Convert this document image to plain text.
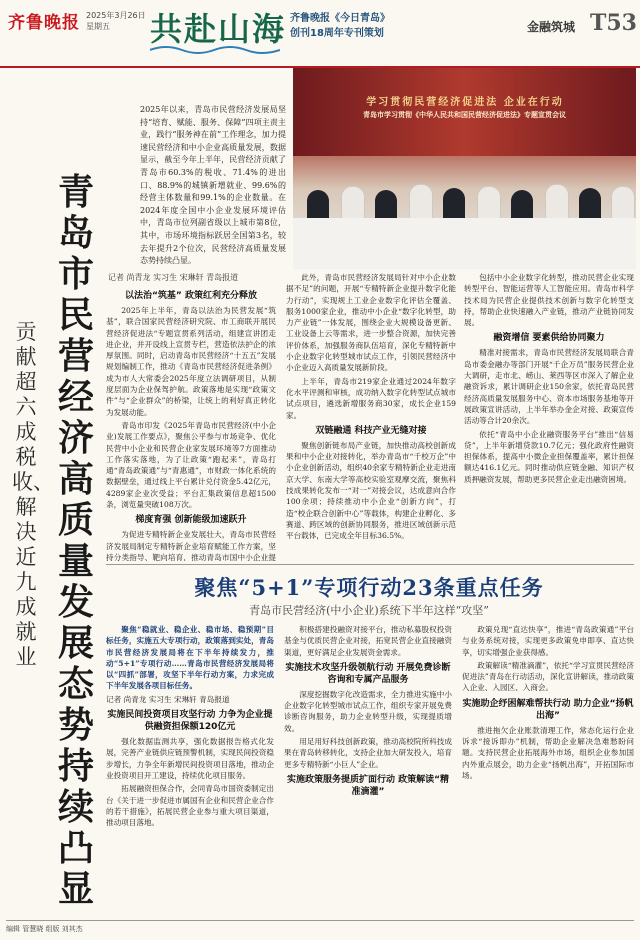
齐鲁晚报 2025年3月26日
星期五	共赴山海 齐鲁晚报《今日青岛》
创刊18周年专刊策划	金融筑城 T53
青岛市民营经济高质量发展态势持续凸显
贡献超六成税收、解决近九成就业
2025年以来，青岛市民营经济发展局坚持“培育、赋能、服务、保障”四项主责主业，践行“服务神在前”工作理念，加力提速民营经济和中小企业高质量发展，数据显示，截至今年上半年，民营经济贡献了青岛市60.3%的税收、71.4%的进出口、88.9%的城镇新增就业、99.6%的经营主体数量和99.1%的企业数量。在2024年度全国中小企业发展环境评估中，青岛市位列副省级以上城市第8位，其中，市场环境指标跃居全国第3名，较去年提升2个位次，民营经济高质量发展态势持续凸显。
学习贯彻民营经济促进法 企业在行动
青岛市学习贯彻《中华人民共和国民营经济促进法》专题宣贯会议
记者 尚青龙 实习生 宋琳轩 青岛报道
以法治“筑基” 政策红利充分释放

2025年上半年，青岛以法治为民营发展“筑基”，联合国家民营经济研究院、市工商联开展民营经济促进法“专题宣贯系列活动，组建宣讲团走进企业，并开设线上宣贯专栏，营造依法护企的浓厚氛围。同时，启动青岛市民营经济“十五五”发展规划编制工作，推动《青岛市民营经济促进条例》成为市人大常委会2025年度立法调研项目，从制度层面为企业保驾护航。政策落地是实现“政策文件”与“企业群众”的桥梁，让统上的利好真正转化为发展动能。

青岛市印发《2025年青岛市民营经济(中小企业)发展工作要点》，聚焦公平参与市场竞争、优化民营中小企业和民营企业家发展环境等7方面推动工作落实落地，为了让政策“跑起来”，青岛打通“青岛政策通”与“青惠通”，市财政一体化系统的数据壁垒，通过线上平台累计兑付资金5.42亿元，4289家企业次受益；平台汇集政策信息超1500条，浏览量突破108万次。

梯度育强 创新能级加速跃升

为促进专精特新企业发展壮大，青岛市民营经济发展局制定专精特新企业培育赋能工作方案，坚持分类指导、靶向培育，推动青岛市国中小企业提

此外，青岛市民营经济发展局针对中小企业数据不足”的问题，开展“专精特新企业提升数字化能力行动”，实现规上工业企业数字化评估全覆盖、服务1000家企业，推动中小企业“数字化转型，助力产业链”一体发展，围绕企业大规模设备更新、工业设备上云等需求，进一步整合资源，加快完善评价体系，加强服务商队伍培育，深化专精特新中小企业数字化转型城市试点工作，引领民营经济中小企业迈入高质量发展新阶段。

上半年，青岛市219家企业通过2024年数字化水平评测和审核，成功纳入数字化转型试点城市试点项目，遴选新增服务商30家，成长企业159家。

双链融通 科技产业无缝对接

聚焦创新链布局产业链，加快推动高校创新成果和中小企业对接转化，举办青岛市“千校万企”中小企业创新活动，组织40余家专精特新企业走进南京大学、东南大学等高校实验室观摩交流，聚焦科技成果转化发布一“对一”对接会议，达成意向合作100余项；持续推动中小企业“创新方向”，打造“校企联合创新中心”等载体，构建企业孵化、多赛道、跨区域的创新协同服务，推进区域创新示范平台载体，已完成全年目标36.5%。

包括中小企业数字化转型，推动民营企业实现转型平台、智能运营等人工智能应用。青岛市科学技术局为民营企业提供技术创新与数字化转型支持，帮助企业快速融入产业链，推动产业链协同发展。

融资增信 要素供给协同聚力

精准对接需求，青岛市民营经济发展局联合青岛市委金融办等部门开展“千企万员”服务民营企业大调研，走市北、崂山、莱西等区市深入了解企业融资诉求，累计调研企业150余家，依托青岛民营经济高质量发展服务中心、资本市场服务基地等开展政策宣讲活动，上半年举办金企对接、政策宣传活动等合计20余次。

依托“青岛中小企业融资服务平台”推出“信易贷”，上半年新增贷款10.7亿元；强化政府性融资担保体系，提高中小微企业担保覆盖率，累计担保额达416.1亿元。同时推动供应链金融、知识产权质押融资发展，帮助更多民营企业走出融资困境。

聚焦“5+1”专项行动23条重点任务
青岛市民营经济(中小企业)系统下半年这样“攻坚”

聚焦“稳就业、稳企业、稳市场、稳预期”目标任务，实施五大专项行动，政策落到实处，青岛市民营经济发展局将在下半年持续发力，推动“5+1”专项行动……青岛市民营经济发展局将以“四抓”部署，攻坚下半年行动方案，力求完成下半年发展各项目标任务。

记者 尚青龙 实习生 宋琳轩 青岛报道

实施民间投资项目攻坚行动 力争为企业提供融资担保额120亿元

强化数据监测共享，强化数据报告格式化发展，完善产业链供应链预警机制，实现民间投资稳步增长，力争全年新增民间投资项目落地，推动企业投资项目开工建设，持续优化项目服务。

拓展融资担保合作，会同青岛市国资委制定出台《关于进一步促进市属国有企业和民营企业合作的若干措施》，拓展民营企业参与重大项目渠道，推动项目落地。

积极搭建投融资对接平台，推动私募股权投资基金与优质民营企业对接，拓宽民营企业直接融资渠道，更好满足企业发展资金需求。

实施技术攻坚升级领航行动 开展免费诊断咨询和专属产品服务

深度挖掘数字化改造需求，全力推进实施中小企业数字化转型城市试点工作，组织专家开展免费诊断咨询服务，助力企业转型升级，实现提质增效。

用足用好科技创新政策，推动高校院所科技成果在青岛转移转化，支持企业加大研发投入，培育更多专精特新“小巨人”企业。

实施政策服务提质扩面行动 政策解读“精准滴灌”

政策兑现“直达快享”，推进“青岛政策通”平台与业务系统对接，实现更多政策免申即享、直达快享，切实增强企业获得感。

政策解读“精准滴灌”，依托“学习宣贯民营经济促进法”青岛在行动活动，深化宣讲解读，推动政策入企业、入园区、入商会。

实施助企纾困解难帮扶行动 助力企业“扬帆出海”

推进拖欠企业账款清理工作，常态化运行企业诉求“接诉即办”机制，帮助企业解决急难愁盼问题。支持民营企业拓展海外市场，组织企业参加国内外重点展会，助力企业“扬帆出海”，开拓国际市场。

编辑 管慧晓 组版 刘其杰
